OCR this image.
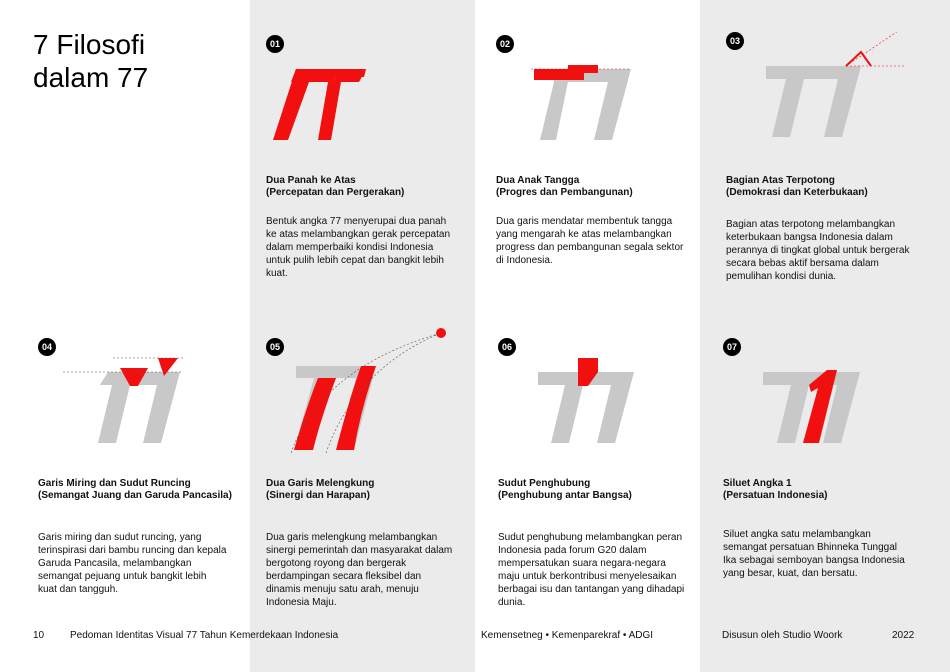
7 Filosofi
dalam 77
01
Dua Panah ke Atas
(Percepatan dan Pergerakan)
Bentuk angka 77 menyerupai dua panah ke atas melambangkan gerak percepatan dalam memperbaiki kondisi Indonesia untuk pulih lebih cepat dan bangkit lebih kuat.
02
Dua Anak Tangga
(Progres dan Pembangunan)
Dua garis mendatar membentuk tangga yang mengarah ke atas melambangkan progress dan pembangunan segala sektor di Indonesia.
03
Bagian Atas Terpotong
(Demokrasi dan Keterbukaan)
Bagian atas terpotong melambangkan keterbukaan bangsa Indonesia dalam perannya di tingkat global untuk bergerak secara bebas aktif bersama dalam pemulihan kondisi dunia.
04
Garis Miring dan Sudut Runcing
(Semangat Juang dan Garuda Pancasila)
Garis miring dan sudut runcing, yang terinspirasi dari bambu runcing dan kepala Garuda Pancasila, melambangkan semangat pejuang untuk bangkit lebih kuat dan tangguh.
05
Dua Garis Melengkung
(Sinergi dan Harapan)
Dua garis melengkung melambangkan sinergi pemerintah dan masyarakat dalam bergotong royong dan bergerak berdampingan secara fleksibel dan dinamis menuju satu arah, menuju Indonesia Maju.
06
Sudut Penghubung
(Penghubung antar Bangsa)
Sudut penghubung melambangkan peran Indonesia pada forum G20 dalam mempersatukan suara negara-negara maju untuk berkontribusi menyelesaikan berbagai isu dan tantangan yang dihadapi dunia.
07
Siluet Angka 1
(Persatuan Indonesia)
Siluet angka satu melambangkan semangat persatuan Bhinneka Tunggal Ika sebagai semboyan bangsa Indonesia yang besar, kuat, dan bersatu.
10	Pedoman Identitas Visual 77 Tahun Kemerdekaan Indonesia	Kemensetneg • Kemenparekraf • ADGI	Disusun oleh Studio Woork	2022
